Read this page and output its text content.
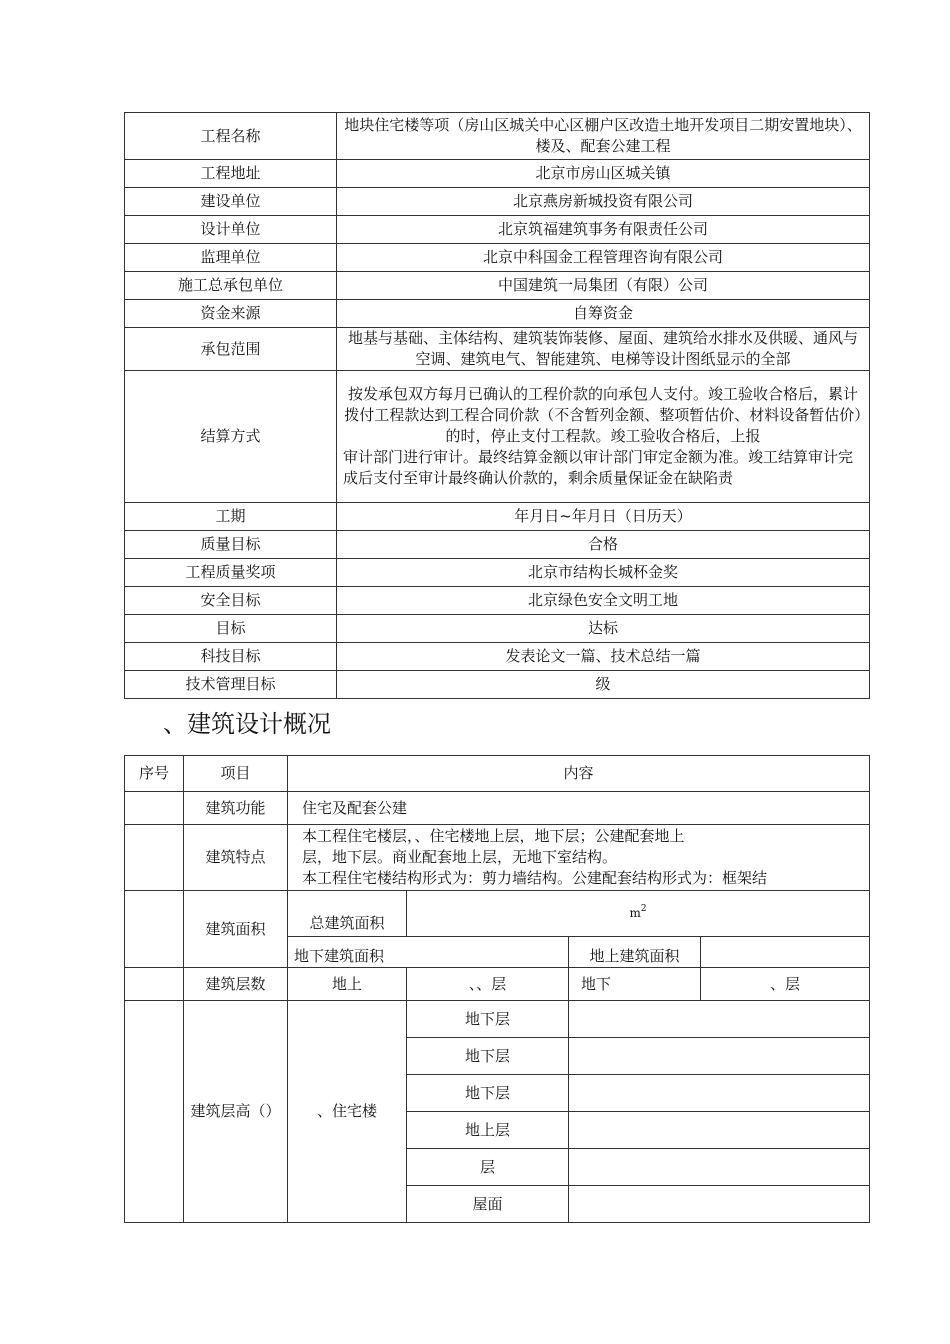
工程名称	地块住宅楼等项（房山区城关中心区棚户区改造土地开发项目二期安置地块）、楼及、配套公建工程
工程地址	北京市房山区城关镇
建设单位	北京燕房新城投资有限公司
设计单位	北京筑福建筑事务有限责任公司
监理单位	北京中科国金工程管理咨询有限公司
施工总承包单位	中国建筑一局集团（有限）公司
资金来源	自筹资金
承包范围	地基与基础、主体结构、建筑装饰装修、屋面、建筑给水排水及供暖、通风与空调、建筑电气、智能建筑、电梯等设计图纸显示的全部
结算方式	按发承包双方每月已确认的工程价款的向承包人支付。竣工验收合格后，累计拨付工程款达到工程合同价款（不含暂列金额、整项暂估价、材料设备暂估价）的时，停止支付工程款。竣工验收合格后，上报
审计部门进行审计。最终结算金额以审计部门审定金额为准。竣工结算审计完成后支付至审计最终确认价款的，剩余质量保证金在缺陷责

工期	年月日~年月日（日历天）
质量目标	合格
工程质量奖项	北京市结构长城杯金奖
安全目标	北京绿色安全文明工地
目标	达标
科技目标	发表论文一篇、技术总结一篇
技术管理目标	级
、建筑设计概况
序号	项目	内容			
	建筑功能	住宅及配套公建			
	建筑特点	本工程住宅楼层，、住宅楼地上层，地下层；公建配套地上
层，地下层。商业配套地上层，无地下室结构。
本工程住宅楼结构形式为：剪力墙结构。公建配套结构形式为：框架结			

	建筑面积	总建筑面积	$m^2$
		地下建筑面积		地上建筑面积	
	建筑层数	地上	、、层	地下	、层
	建筑层高（）	、住宅楼	地下层		
			地下层		
			地下层		
			地上层		
			层		
			屋面		
